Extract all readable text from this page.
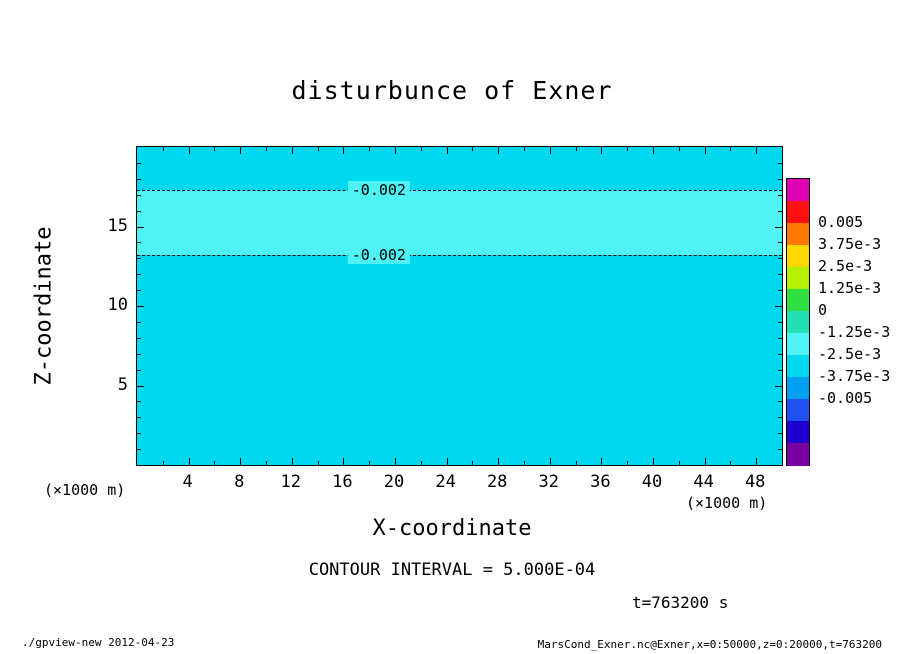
disturbunce of Exner
-0.002
-0.002
X-coordinate
Z-coordinate
(×1000 m)
(×1000 m)
CONTOUR INTERVAL = 5.000E-04
t=763200 s
./gpview-new 2012-04-23	MarsCond_Exner.nc@Exner,x=0:50000,z=0:20000,t=763200
4 8 12 16 20 24 28 32 36 40 44 48
5
10
15	0.005
3.75e-3
2.5e-3
1.25e-3
0
-1.25e-3
-2.5e-3
-3.75e-3
-0.005
